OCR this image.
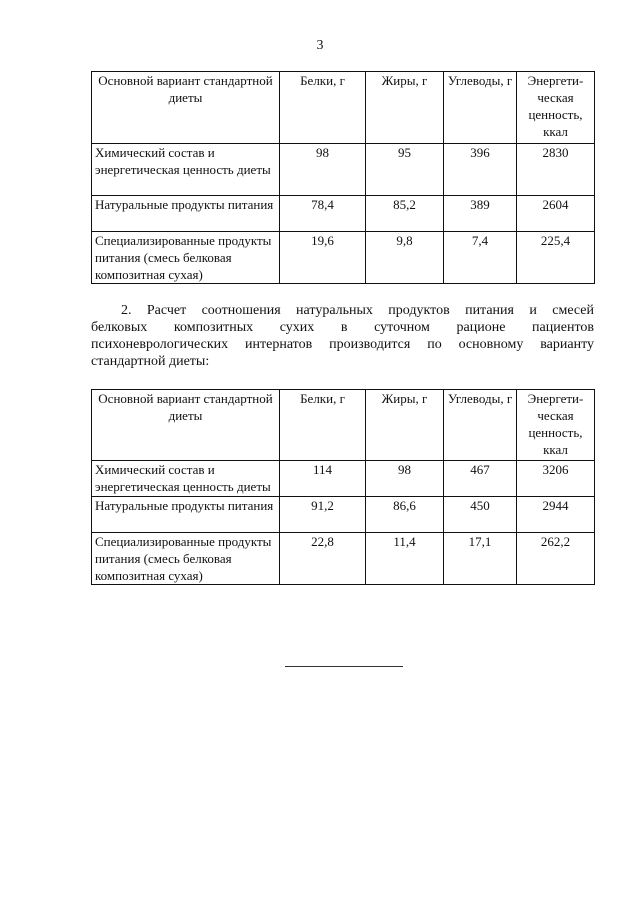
3
Основной вариант стандартной диеты	Белки, г	Жиры, г	Углеводы, г	Энергети-ческая ценность, ккал
Химический состав и энергетическая ценность диеты	98	95	396	2830
Натуральные продукты питания	78,4	85,2	389	2604
Специализированные продукты питания (смесь белковая композитная сухая)	19,6	9,8	7,4	225,4
2. Расчет соотношения натуральных продуктов питания и смесей
белковых композитных сухих в суточном рационе пациентов
психоневрологических интернатов производится по основному варианту
стандартной диеты:
Основной вариант стандартной диеты	Белки, г	Жиры, г	Углеводы, г	Энергети-ческая ценность, ккал
Химический состав и энергетическая ценность диеты	114	98	467	3206
Натуральные продукты питания	91,2	86,6	450	2944
Специализированные продукты питания (смесь белковая композитная сухая)	22,8	11,4	17,1	262,2
